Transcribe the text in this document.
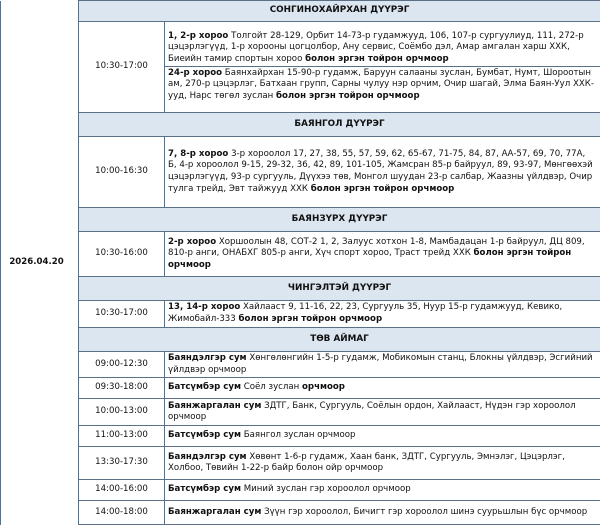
2026.04.20	СОНГИНОХАЙРХАН ДҮҮРЭГ	
	10:30-17:00	1, 2-р хороо Толгойт 28-129, Орбит 14-73-р гудамжууд, 106, 107-р сургуулиуд, 111, 272-р цэцэрлэгүүд, 1-р хорооны цогцолбор, Ану сервис, Соёмбо дэл, Амар амгалан харш ХХК, Биеийн тамир спортын хороо болон эргэн тойрон орчмоор
24-р хороо Баянхайрхан 15-90-р гудамж, Баруун салааны зуслан, Бумбат, Нумт, Шороотын ам, 270-р цэцэрлэг, Батхаан групп, Сарны чулуу нэр орчим, Очир шагай, Элма Баян-Уул ХХК-ууд, Нарс төгөл зуслан болон эргэн тойрон орчмоор

	БАЯНГОЛ ДҮҮРЭГ	
	10:00-16:30	7, 8-р хороо 3-р хороолол 17, 27, 38, 55, 57, 59, 62, 65-67, 71-75, 84, 87, АА-57, 69, 70, 77А, Б, 4-р хороолол 9-15, 29-32, 36, 42, 89, 101-105, Жамсран 85-р байруул, 89, 93-97, Мөнгөөхэй цэцэрлэгүүд, 93-р сургууль, Дүүхээ төв, Монгол шуудан 23-р салбар, Жаазны үйлдвэр, Очир тулга трейд, Эвт тайжууд ХХК болон эргэн тойрон орчмоор

	БАЯНЗҮРХ ДҮҮРЭГ	
	10:30-16:00	2-р хороо Хоршоолын 48, СОТ-2 1, 2, Залуус хотхон 1-8, Мамбадацан 1-р байруул, ДЦ 809, 810-р анги, ОНАБХГ 805-р анги, Хүч спорт хороо, Траст трейд ХХК болон эргэн тойрон орчмоор

	ЧИНГЭЛТЭЙ ДҮҮРЭГ	
	10:30-17:00	13, 14-р хороо Хайлааст 9, 11-16, 22, 23, Сургууль 35, Нуур 15-р гудамжууд, Кевико, Жимобайл-333 болон эргэн тойрон орчмоор

	ТӨВ АЙМАГ	
	09:00-12:30	Баяндэлгэр сум Хөнгөлөнгийн 1-5-р гудамж, Мобикомын станц, Блокны үйлдвэр, Эсгийний үйлдвэр орчмоор

	09:30-18:00	Батсүмбэр сум Соёл зуслан орчмоор

	10:00-13:00	Баянжаргалан сум ЗДТГ, Банк, Сургууль, Соёлын ордон, Хайлааст, Нүдэн гэр хороолол орчмоор

	11:00-13:00	Батсүмбэр сум Баянгол зуслан орчмоор

	13:30-17:30	Баяндэлгэр сум Хөвөнт 1-6-р гудамж, Хаан банк, ЗДТГ, Сургууль, Эмнэлэг, Цэцэрлэг, Холбоо, Төвийн 1-22-р байр болон ойр орчмоор

	14:00-16:00	Батсүмбэр сум Миний зуслан гэр хороолол орчмоор

	14:00-18:00	Баянжаргалан сум Зүүн гэр хороолол, Бичигт гэр хороолол шинэ суурьшлын бүс орчмоор
